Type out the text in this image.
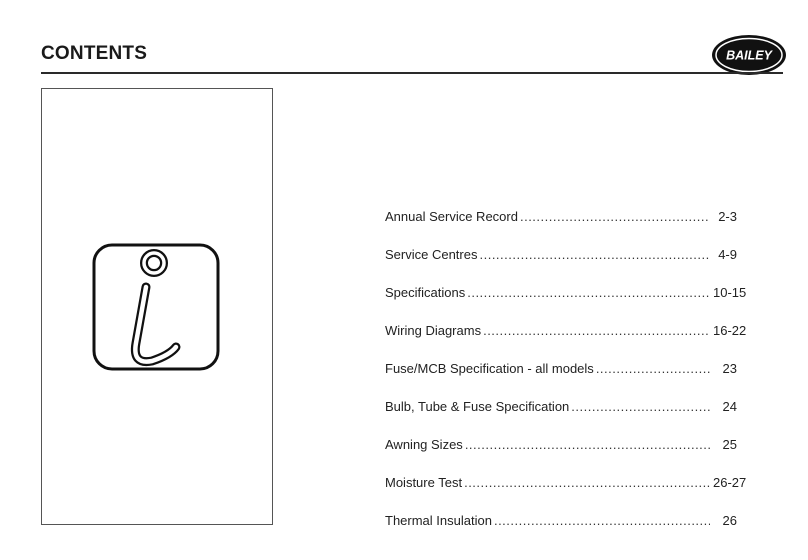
CONTENTS	BAILEY
Annual Service Record .....	2-3
Service Centres .....	4-9
Specifications .....	10-15
Wiring Diagrams .....	16-22
Fuse/MCB Specification - all models .....	23
Bulb, Tube & Fuse Specification .....	24
Awning Sizes .....	25
Moisture Test .....	26-27
Thermal Insulation .....	26
